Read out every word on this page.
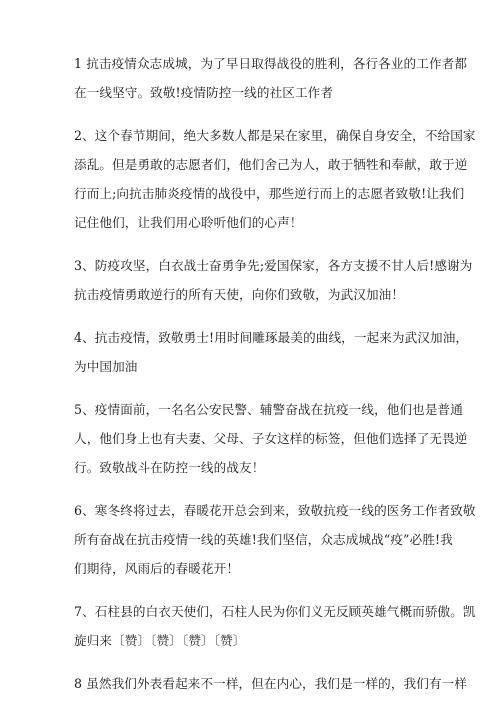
1 抗击疫情众志成城，为了早日取得战役的胜利，各行各业的工作者都
在一线坚守。致敬!疫情防控一线的社区工作者
2、这个春节期间，绝大多数人都是呆在家里，确保自身安全，不给国家
添乱。但是勇敢的志愿者们，他们舍己为人，敢于牺牲和奉献，敢于逆
行而上;向抗击肺炎疫情的战役中，那些逆行而上的志愿者致敬!让我们
记住他们，让我们用心聆听他们的心声！
3、防疫攻坚，白衣战士奋勇争先;爱国保家，各方支援不甘人后!感谢为
抗击疫情勇敢逆行的所有天使，向你们致敬，为武汉加油！
4、抗击疫情，致敬勇士!用时间雕琢最美的曲线，一起来为武汉加油，
为中国加油
5、疫情面前，一名名公安民警、辅警奋战在抗疫一线，他们也是普通
人，他们身上也有夫妻、父母、子女这样的标签，但他们选择了无畏逆
行。致敬战斗在防控一线的战友！
6、寒冬终将过去，春暖花开总会到来，致敬抗疫一线的医务工作者致敬
所有奋战在抗击疫情一线的英雄!我们坚信，众志成城战“疫”必胜!我
们期待，风雨后的春暖花开！
7、石柱县的白衣天使们，石柱人民为你们义无反顾英雄气概而骄傲。凯
旋归来〔赞〕〔赞〕〔赞〕〔赞〕
8 虽然我们外表看起来不一样，但在内心，我们是一样的，我们有一样
